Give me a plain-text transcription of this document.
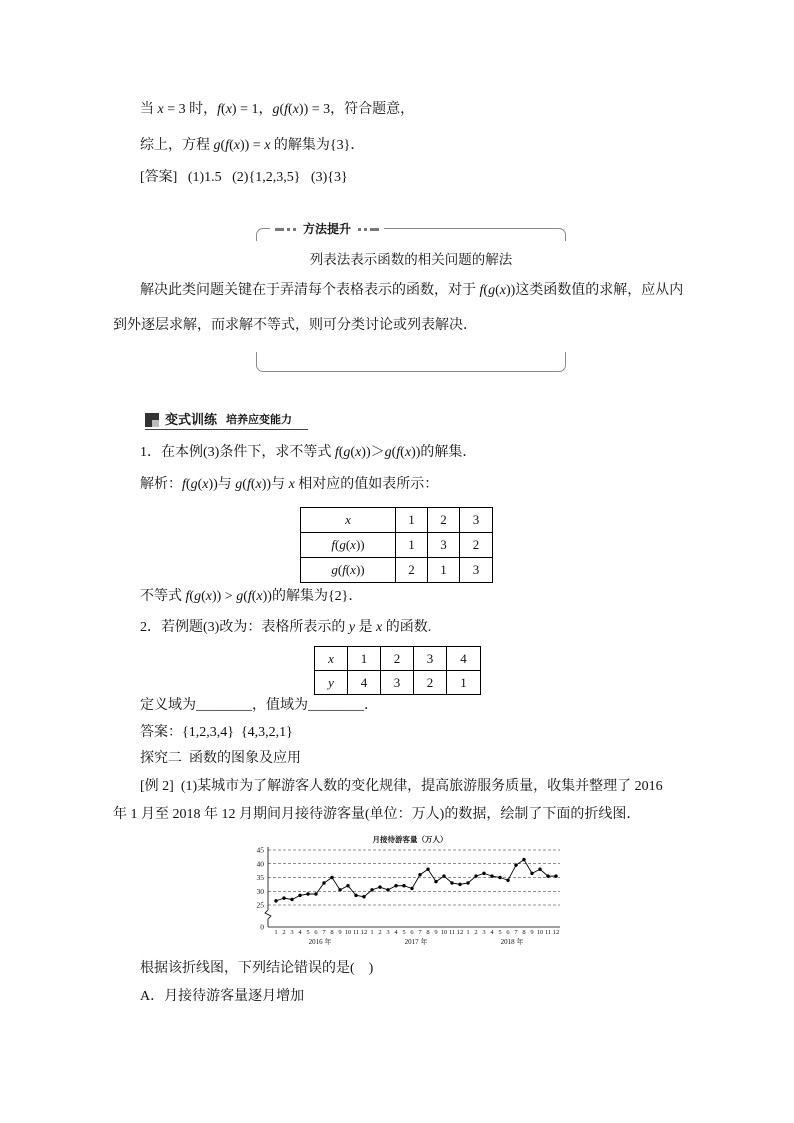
当 x = 3 时，f(x) = 1，g(f(x)) = 3，符合题意，
综上，方程 g(f(x)) = x 的解集为{3}．
[答案]   (1)1.5   (2){1,2,3,5}   (3){3}
方法提升
列表法表示函数的相关问题的解法
解决此类问题关键在于弄清每个表格表示的函数，对于 f(g(x))这类函数值的求解，应从内
到外逐层求解，而求解不等式，则可分类讨论或列表解决．
变式训练 培养应变能力
1．在本例(3)条件下，求不等式 f(g(x))＞g(f(x))的解集．
解析：f(g(x))与 g(f(x))与 x 相对应的值如表所示：
x	1	2	3
f(g(x))	1	3	2
g(f(x))	2	1	3
不等式 f(g(x)) > g(f(x))的解集为{2}．
2．若例题(3)改为：表格所表示的 y 是 x 的函数.
x	1	2	3	4
y	4	3	2	1
定义域为________，值域为________．
答案：{1,2,3,4}  {4,3,2,1}
探究二  函数的图象及应用
[例 2]  (1)某城市为了解游客人数的变化规律，提高旅游服务质量，收集并整理了 2016
年 1 月至 2018 年 12 月期间月接待游客量(单位：万人)的数据，绘制了下面的折线图．
月接待游客量（万人）
0
25
30
35
40
45
1 2 3 4 5 6 7 8 9 10 11 12
2016 年
1 2 3 4 5 6 7 8 9 10 11 12
2017 年
1 2 3 4 5 6 7 8 9 10 11 12
2018 年
根据该折线图，下列结论错误的是(    )
A．月接待游客量逐月增加
